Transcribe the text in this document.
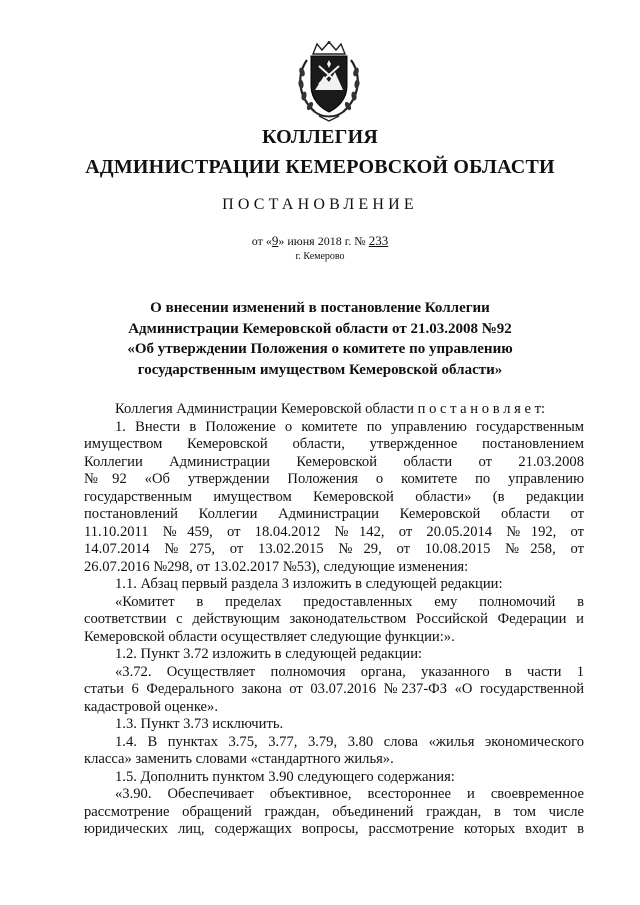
КОЛЛЕГИЯ
АДМИНИСТРАЦИИ КЕМЕРОВСКОЙ ОБЛАСТИ
ПОСТАНОВЛЕНИЕ
от «9» июня 2018 г. № 233
г. Кемерово
О внесении изменений в постановление Коллегии
Администрации Кемеровской области от 21.03.2008 №92
«Об утверждении Положения о комитете по управлению
государственным имуществом Кемеровской области»
Коллегия Администрации Кемеровской области п о с т а н о в л я е т:
1. Внести в Положение о комитете по управлению государственным
имуществом Кемеровской области, утвержденное постановлением
Коллегии Администрации Кемеровской области от 21.03.2008
№92 «Об утверждении Положения о комитете по управлению
государственным имуществом Кемеровской области» (в редакции
постановлений Коллегии Администрации Кемеровской области от
11.10.2011 №459, от 18.04.2012 №142, от 20.05.2014 №192, от
14.07.2014 №275, от 13.02.2015 №29, от 10.08.2015 №258, от
26.07.2016 №298, от 13.02.2017 №53), следующие изменения:
1.1. Абзац первый раздела 3 изложить в следующей редакции:
«Комитет в пределах предоставленных ему полномочий в
соответствии с действующим законодательством Российской Федерации и
Кемеровской области осуществляет следующие функции:».
1.2. Пункт 3.72 изложить в следующей редакции:
«3.72. Осуществляет полномочия органа, указанного в части 1
статьи 6 Федерального закона от 03.07.2016 №237-ФЗ «О государственной
кадастровой оценке».
1.3. Пункт 3.73 исключить.
1.4. В пунктах 3.75, 3.77, 3.79, 3.80 слова «жилья экономического
класса» заменить словами «стандартного жилья».
1.5. Дополнить пунктом 3.90 следующего содержания:
«3.90. Обеспечивает объективное, всестороннее и своевременное
рассмотрение обращений граждан, объединений граждан, в том числе
юридических лиц, содержащих вопросы, рассмотрение которых входит в
